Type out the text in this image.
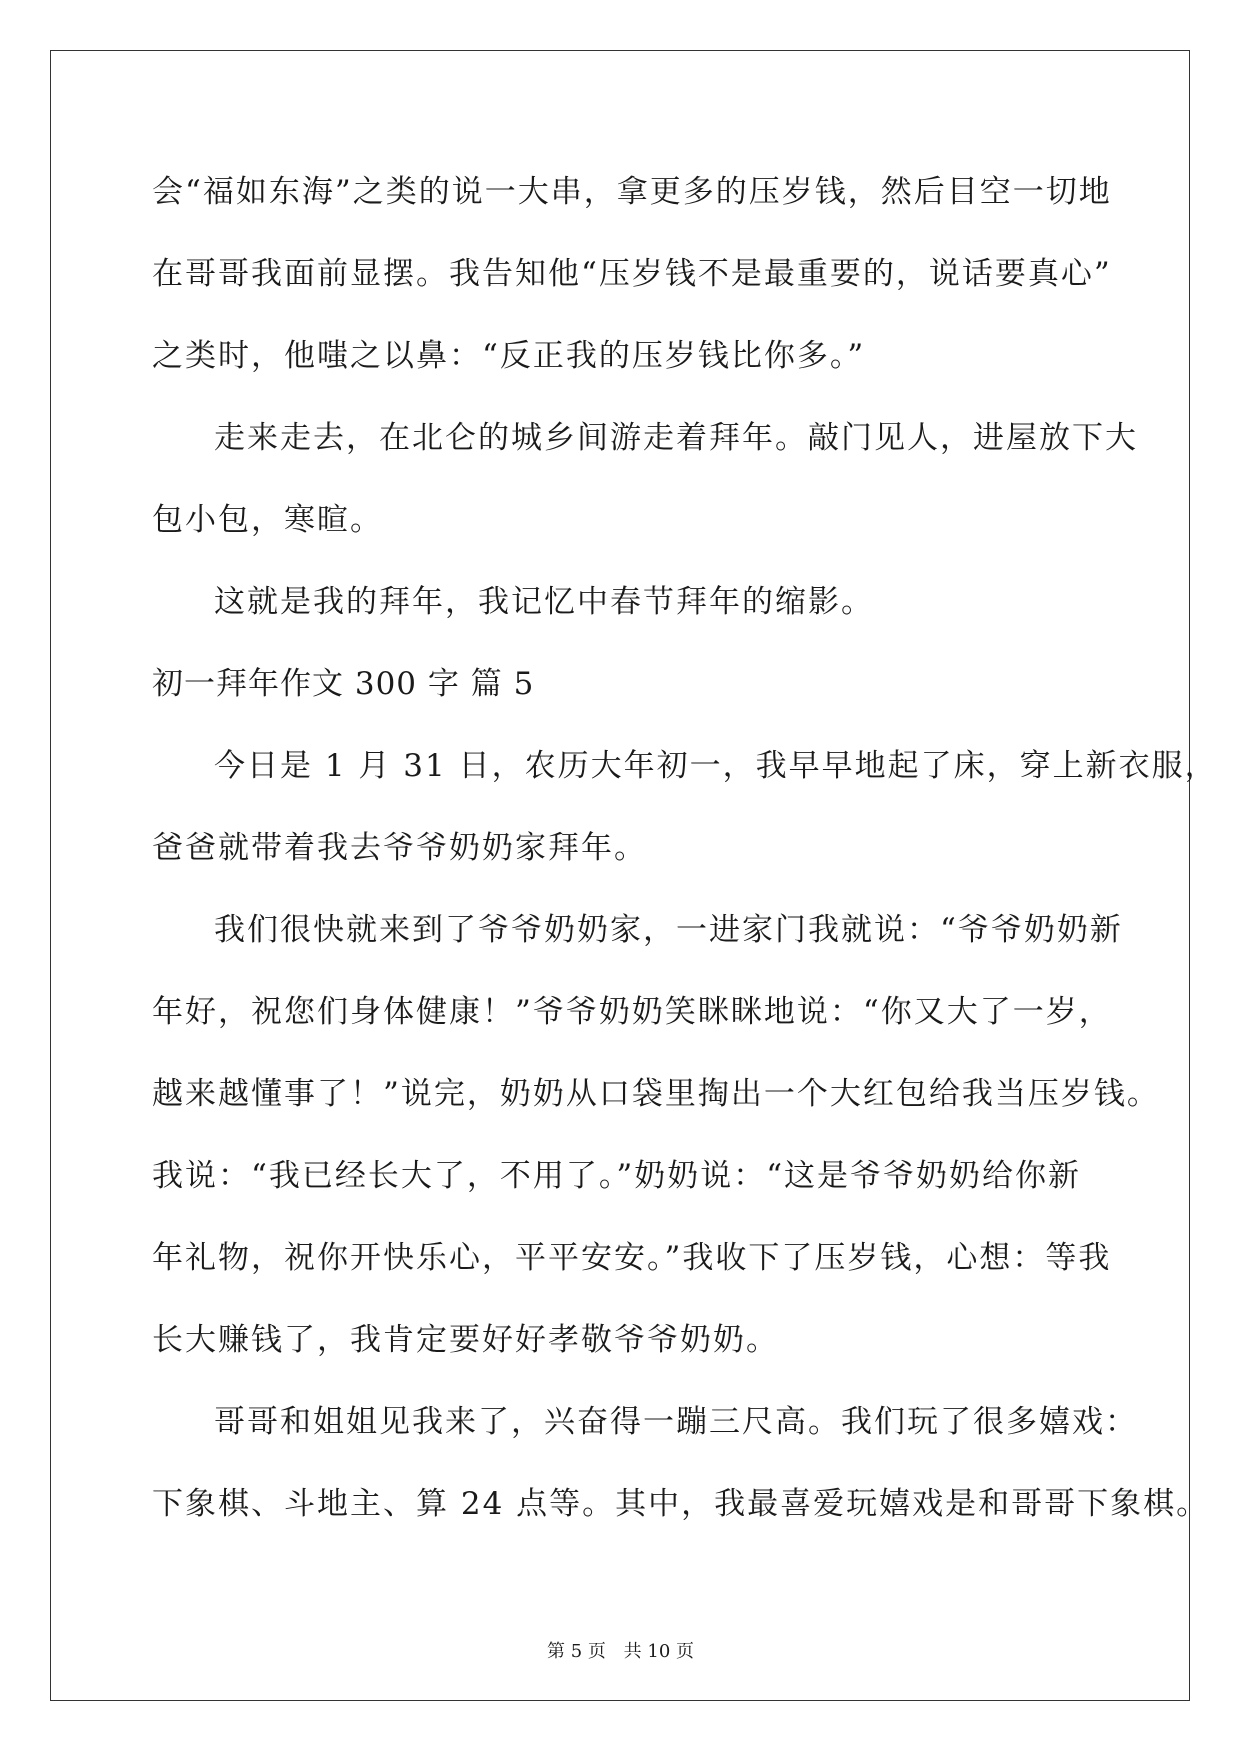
会“福如东海”之类的说一大串，拿更多的压岁钱，然后目空一切地
在哥哥我面前显摆。我告知他“压岁钱不是最重要的，说话要真心”
之类时，他嗤之以鼻：“反正我的压岁钱比你多。”
走来走去，在北仑的城乡间游走着拜年。敲门见人，进屋放下大
包小包，寒暄。
这就是我的拜年，我记忆中春节拜年的缩影。
初一拜年作文 300 字 篇 5
今日是 1 月 31 日，农历大年初一，我早早地起了床，穿上新衣服，
爸爸就带着我去爷爷奶奶家拜年。
我们很快就来到了爷爷奶奶家，一进家门我就说：“爷爷奶奶新
年好，祝您们身体健康！”爷爷奶奶笑眯眯地说：“你又大了一岁，
越来越懂事了！”说完，奶奶从口袋里掏出一个大红包给我当压岁钱。
我说：“我已经长大了，不用了。”奶奶说：“这是爷爷奶奶给你新
年礼物，祝你开快乐心，平平安安。”我收下了压岁钱，心想：等我
长大赚钱了，我肯定要好好孝敬爷爷奶奶。
哥哥和姐姐见我来了，兴奋得一蹦三尺高。我们玩了很多嬉戏：
下象棋、斗地主、算 24 点等。其中，我最喜爱玩嬉戏是和哥哥下象棋。
第 5 页 共 10 页
